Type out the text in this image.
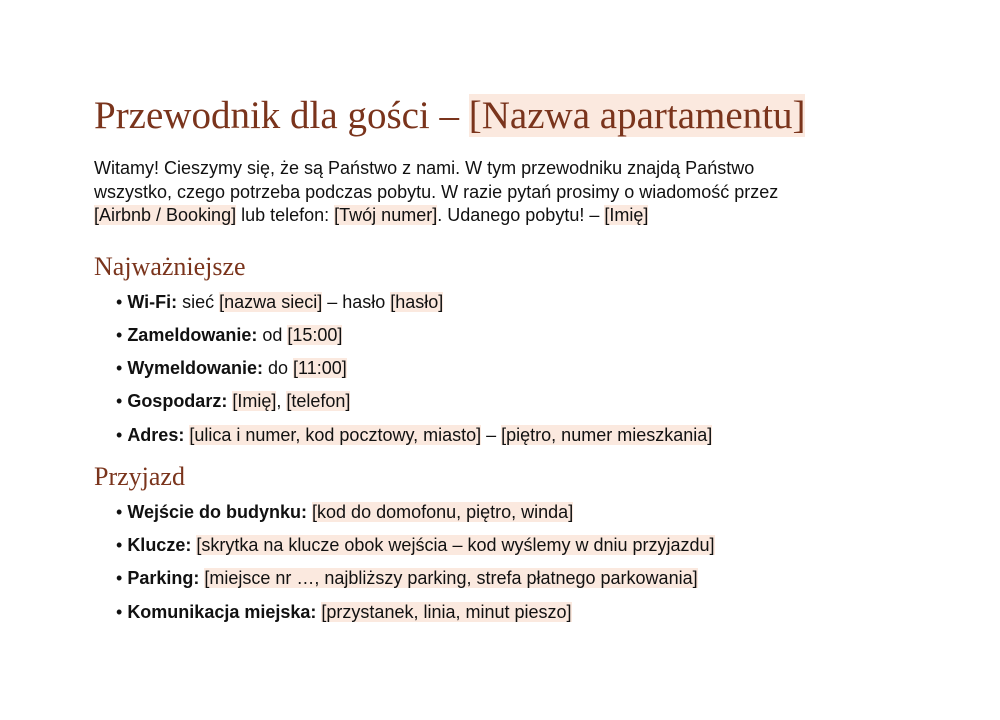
Przewodnik dla gości – [Nazwa apartamentu]

Witamy! Cieszymy się, że są Państwo z nami. W tym przewodniku znajdą Państwo
wszystko, czego potrzeba podczas pobytu. W razie pytań prosimy o wiadomość przez
[Airbnb / Booking] lub telefon: [Twój numer]. Udanego pobytu! – [Imię]

Najważniejsze
• Wi-Fi: sieć [nazwa sieci] – hasło [hasło]
• Zameldowanie: od [15:00]
• Wymeldowanie: do [11:00]
• Gospodarz: [Imię], [telefon]
• Adres: [ulica i numer, kod pocztowy, miasto] – [piętro, numer mieszkania]
Przyjazd
• Wejście do budynku: [kod do domofonu, piętro, winda]
• Klucze: [skrytka na klucze obok wejścia – kod wyślemy w dniu przyjazdu]
• Parking: [miejsce nr …, najbliższy parking, strefa płatnego parkowania]
• Komunikacja miejska: [przystanek, linia, minut pieszo]
